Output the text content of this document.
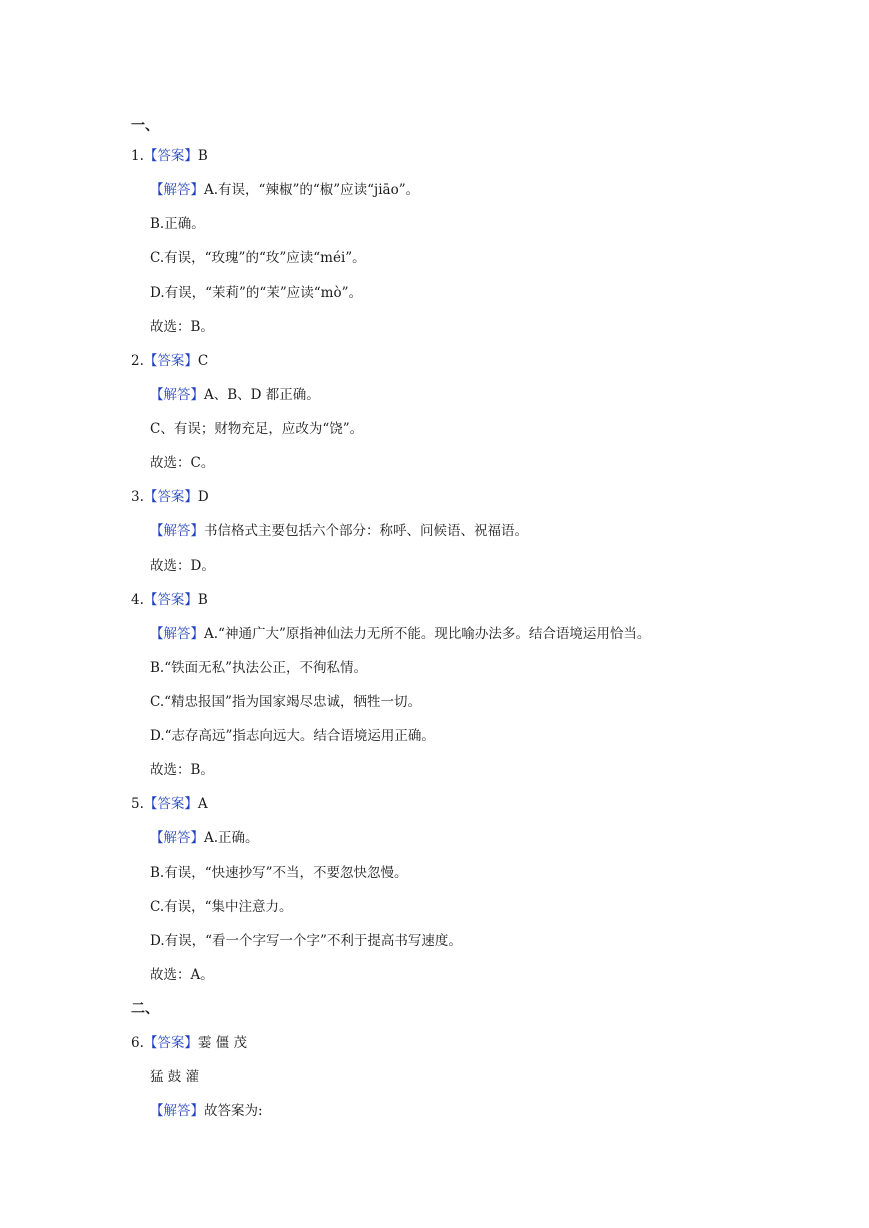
一、
1.【答案】B
【解答】A.有误，“辣椒”的“椒”应读“jiāo”。
B.正确。
C.有误，“玫瑰”的“玫”应读“méi”。
D.有误，“茉莉”的“茉”应读“mò”。
故选：B。
2.【答案】C
【解答】A、B、D 都正确。
C、有误；财物充足，应改为“饶”。
故选：C。
3.【答案】D
【解答】书信格式主要包括六个部分：称呼、问候语、祝福语。
故选：D。
4.【答案】B
【解答】A.“神通广大”原指神仙法力无所不能。现比喻办法多。结合语境运用恰当。
B.“铁面无私”执法公正，不徇私情。
C.“精忠报国”指为国家竭尽忠诚，牺牲一切。
D.“志存高远”指志向远大。结合语境运用正确。
故选：B。
5.【答案】A
【解答】A.正确。
B.有误，“快速抄写”不当，不要忽快忽慢。
C.有误，“集中注意力。
D.有误，“看一个字写一个字”不利于提高书写速度。
故选：A。
二、
6.【答案】霎 僵 茂
猛 鼓 灌
【解答】故答案为:
